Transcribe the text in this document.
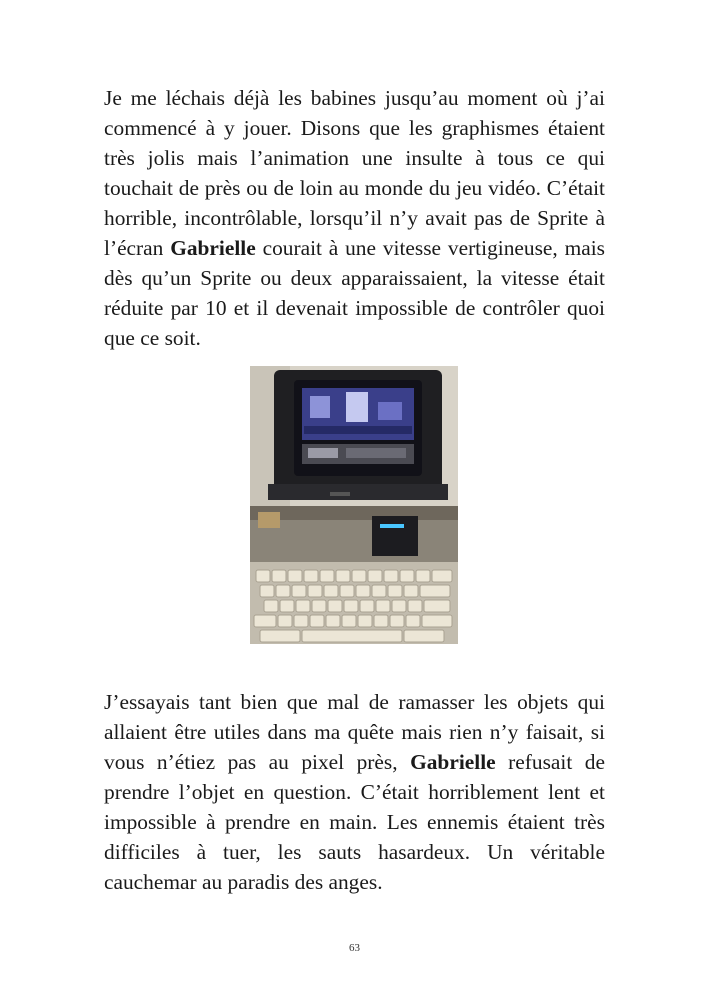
Je me léchais déjà les babines jusqu’au moment où j’ai commencé à y jouer. Disons que les graphismes étaient très jolis mais l’animation une insulte à tous ce qui touchait de près ou de loin au monde du jeu vidéo. C’était horrible, incontrôlable, lorsqu’il n’y avait pas de Sprite à l’écran Gabrielle courait à une vitesse vertigineuse, mais dès qu’un Sprite ou deux apparaissaient, la vitesse était réduite par 10 et il devenait impossible de contrôler quoi que ce soit.

J’essayais tant bien que mal de ramasser les objets qui allaient être utiles dans ma quête mais rien n’y faisait, si vous n’étiez pas au pixel près, Gabrielle refusait de prendre l’objet en question. C’était horriblement lent et impossible à prendre en main. Les ennemis étaient très difficiles à tuer, les sauts hasardeux. Un véritable cauchemar au paradis des anges.

63
